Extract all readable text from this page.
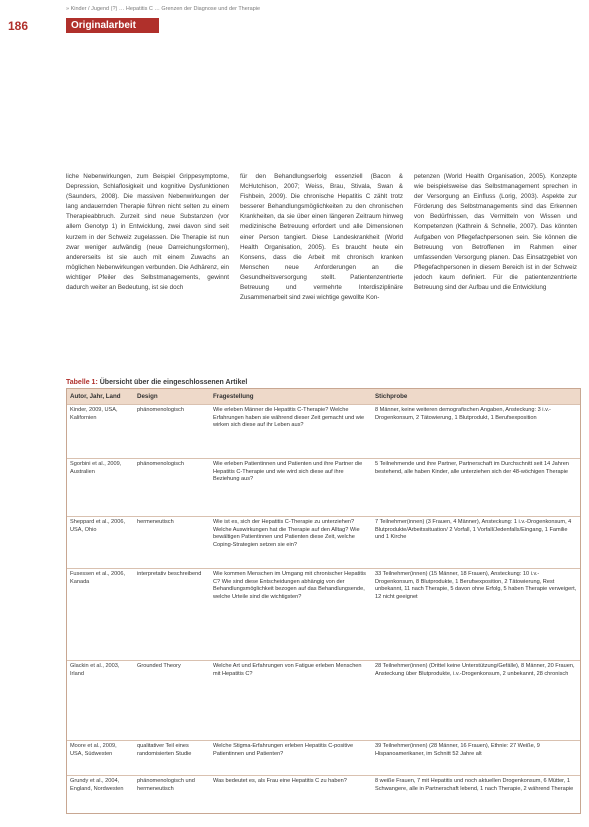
» Kinder / Jugend (?) … Hepatitis C … Grenzen der Diagnose und der Therapie
186	Originalarbeit

liche Nebenwirkungen, zum Beispiel Grippesymptome, Depression, Schlaflosigkeit und kognitive Dysfunktionen (Saunders, 2008). Die massiven Nebenwirkungen der lang andauernden Therapie führen nicht selten zu einem Therapieabbruch. Zurzeit sind neue Substanzen (vor allem Genotyp 1) in Entwicklung, zwei davon sind seit kurzem in der Schweiz zugelassen. Die Therapie ist nun zwar weniger aufwändig (neue Darreichungsformen), andererseits ist sie auch mit einem Zuwachs an möglichen Nebenwirkungen verbunden. Die Adhärenz, ein wichtiger Pfeiler des Selbstmanagements, gewinnt dadurch weiter an Bedeutung, ist sie doch

für den Behandlungserfolg essenziell (Bacon & McHutchison, 2007; Weiss, Brau, Stivala, Swan & Fishbein, 2009). Die chronische Hepatitis C zählt trotz besserer Behandlungsmöglichkeiten zu den chronischen Krankheiten, da sie über einen längeren Zeitraum hinweg medizinische Betreuung erfordert und alle Dimensionen einer Person tangiert. Diese Landeskrankheit (World Health Organisation, 2005). Es braucht heute ein Konsens, dass die Arbeit mit chronisch kranken Menschen neue Anforderungen an die Gesundheitsversorgung stellt. Patientenzentrierte Betreuung und vermehrte Interdisziplinäre Zusammenarbeit sind zwei wichtige gewollte Kon-

petenzen (World Health Organisation, 2005). Konzepte wie beispielsweise das Selbstmanagement sprechen in der Versorgung an Einfluss (Lorig, 2003). Aspekte zur Förderung des Selbstmanagements sind das Erkennen von Bedürfnissen, das Vermitteln von Wissen und Kompetenzen (Kathrein & Schnelle, 2007). Das könnten Aufgaben von Pflegefachpersonen sein. Sie können die Betreuung von Betroffenen im Rahmen einer umfassenden Versorgung planen. Das Einsatzgebiet von Pflegefachpersonen in diesem Bereich ist in der Schweiz jedoch kaum definiert. Für die patientenzentrierte Betreuung sind der Aufbau und die Entwicklung

Tabelle 1: Übersicht über die eingeschlossenen Artikel
Autor, Jahr, Land	Design	Fragestellung	Stichprobe
Kinder, 2009, USA, Kalifornien	phänomenologisch	Wie erleben Männer die Hepatitis C-Therapie? Welche Erfahrungen haben sie während dieser Zeit gemacht und wie wirken sich diese auf ihr Leben aus?	8 Männer, keine weiteren demografischen Angaben, Ansteckung: 3 i.v.-Drogenkonsum, 2 Tätowierung, 1 Blutprodukt, 1 Berufsexposition
Sgorbini et al., 2009, Australien	phänomenologisch	Wie erleben Patientinnen und Patienten und ihre Partner die Hepatitis C-Therapie und wie wird sich diese auf ihre Beziehung aus?	5 Teilnehmende und ihre Partner, Partnerschaft im Durchschnitt seit 14 Jahren bestehend, alle haben Kinder, alle unterziehen sich der 48-wöchigen Therapie
Sheppard et al., 2006, USA, Ohio	hermeneutisch	Wie ist es, sich der Hepatitis C-Therapie zu unterziehen? Welche Auswirkungen hat die Therapie auf den Alltag? Wie bewältigen Patientinnen und Patienten diese Zeit, welche Coping-Strategien setzen sie ein?	7 Teilnehmer(innen) (3 Frauen, 4 Männer), Ansteckung: 1 i.v.-Drogenkonsum, 4 Blutprodukte/Arbeitssituation/ 2 Vorfall, 1 Vorfall/Jedenfalls/Eingang, 1 Familie und 1 Kirche
Fusessen et al., 2006, Kanada	interpretativ beschreibend	Wie kommen Menschen im Umgang mit chronischer Hepatitis C? Wie sind diese Entscheidungen abhängig von der Behandlungsmöglichkeit bezogen auf das Behandlungsende, welche Urteile sind die wichtigsten?	33 Teilnehmer(innen) (15 Männer, 18 Frauen), Ansteckung: 10 i.v.-Drogenkonsum, 8 Blutprodukte, 1 Berufsexposition, 2 Tätowierung, Rest unbekannt, 11 nach Therapie, 5 davon ohne Erfolg, 5 haben Therapie verweigert, 12 nicht geeignet
Glackin et al., 2003, Irland	Grounded Theory	Welche Art und Erfahrungen von Fatigue erleben Menschen mit Hepatitis C?	28 Teilnehmer(innen) (Drittel keine Unterstützung/Gefälle), 8 Männer, 20 Frauen, Ansteckung über Blutprodukte, i.v.-Drogenkonsum, 2 unbekannt, 28 chronisch
Moore et al., 2009, USA, Südwesten	qualitativer Teil eines randomisierten Studie	Welche Stigma-Erfahrungen erleben Hepatitis C-positive Patientinnen und Patienten?	39 Teilnehmer(innen) (28 Männer, 16 Frauen), Ethnie: 27 Weiße, 9 Hispanoamerikaner, im Schnitt 52 Jahre alt
Grundy et al., 2004, England, Nordwesten	phänomenologisch und hermeneutisch	Was bedeutet es, als Frau eine Hepatitis C zu haben?	8 weiße Frauen, 7 mit Hepatitis und noch aktuellen Drogenkonsum, 6 Mütter, 1 Schwangere, alle in Partnerschaft lebend, 1 nach Therapie, 2 während Therapie
